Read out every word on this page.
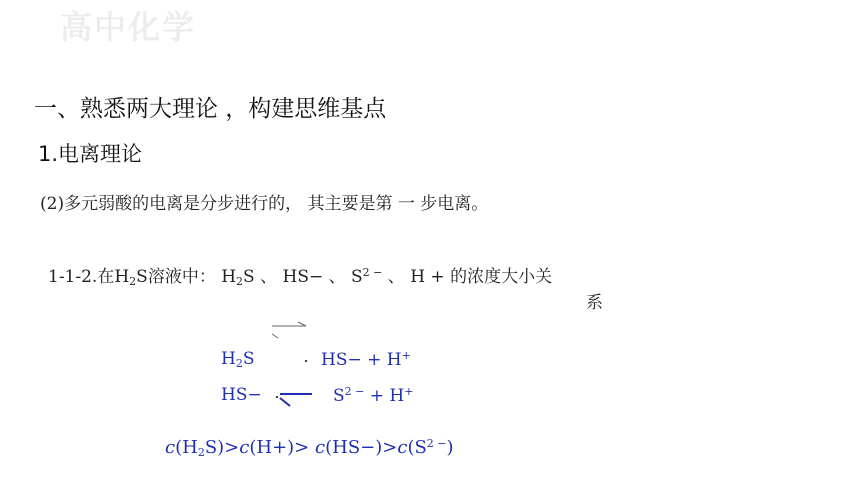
高中化学
一、熟悉两大理论 ，构建思维基点
1.电离理论
(2)多元弱酸的电离是分步进行的， 其主要是第 一 步电离。
1-1-2.在$H_2S$溶液中： $H_2S$ 、 HS− 、 $S^{2 -}$ 、 H + 的浓度大小关
系
$H_2S$	HS− + H+
HS−	$S^{2 -} + H^+$
$c(H_2S)>c(H+)> c(HS-)>c(S^{2 -})$
